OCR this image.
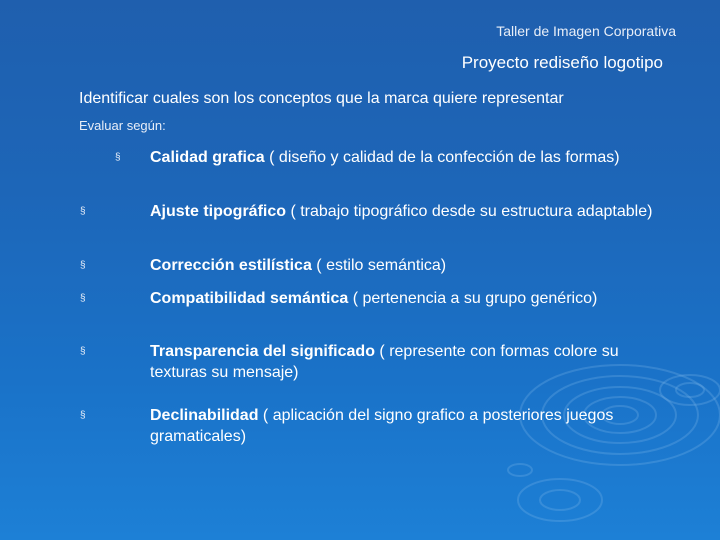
Taller de Imagen Corporativa
Proyecto rediseño logotipo
Identificar cuales son los conceptos que la marca quiere representar
Evaluar según:
§ Calidad grafica ( diseño y calidad de la confección de las formas)
§	Ajuste tipográfico ( trabajo tipográfico desde su estructura adaptable)
§	Corrección estilística ( estilo semántica)
§	Compatibilidad semántica ( pertenencia a su grupo genérico)
§	Transparencia del significado ( represente con formas colore su texturas su mensaje)
§	Declinabilidad ( aplicación del signo grafico a posteriores juegos gramaticales)
